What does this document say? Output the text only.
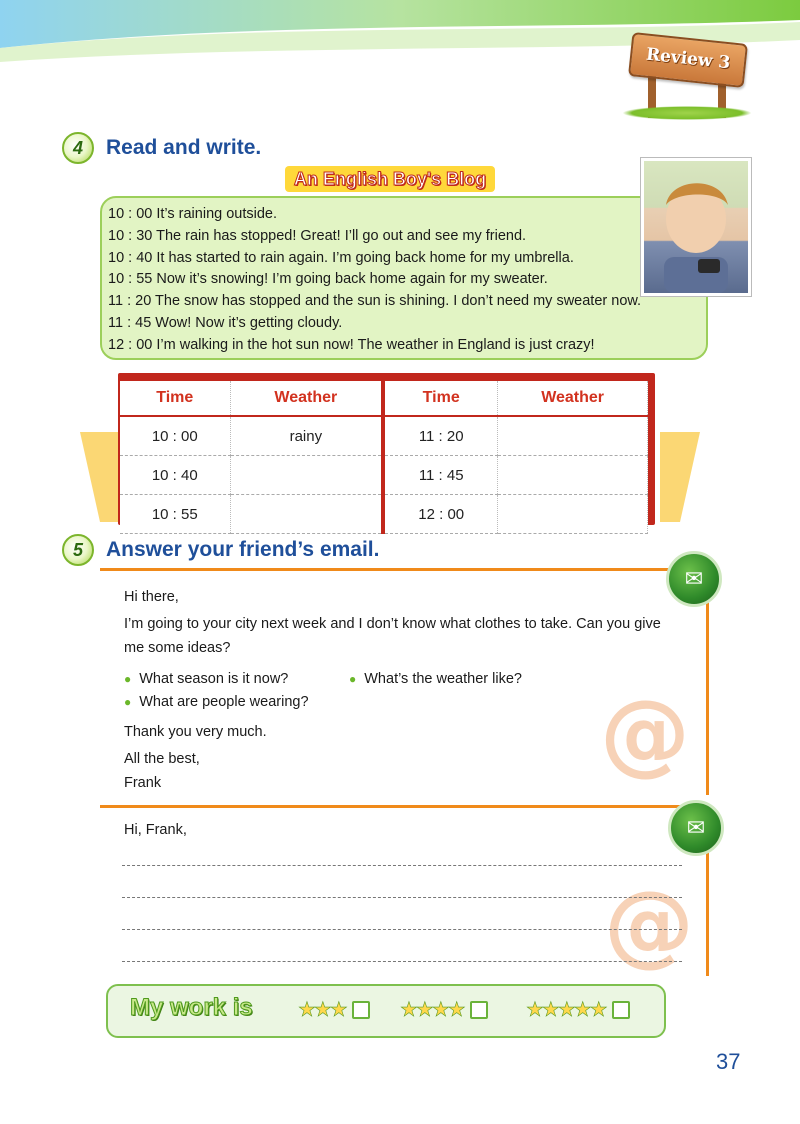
Review 3
4	Read and write.
An English Boy's Blog
10 : 00 It’s raining outside.
10 : 30 The rain has stopped! Great! I’ll go out and see my friend.
10 : 40 It has started to rain again. I’m going back home for my umbrella.
10 : 55 Now it’s snowing! I’m going back home again for my sweater.
11 : 20 The snow has stopped and the sun is shining. I don’t need my sweater now.
11 : 45 Wow! Now it’s getting cloudy.
12 : 00 I’m walking in the hot sun now! The weather in England is just crazy!
Time	Weather	Time	Weather
10 : 00	rainy	11 : 20	
10 : 40		11 : 45	
10 : 55		12 : 00	
5	Answer your friend’s email.
@

Hi there,

I’m going to your city next week and I don’t know what clothes to take. Can you give me some ideas?

● What season is it now?	● What’s the weather like?
● What are people wearing?

Thank you very much.

All the best,

Frank

✉
@

Hi, Frank,	✉
My work is ★★★	★★★★	★★★★★
37
